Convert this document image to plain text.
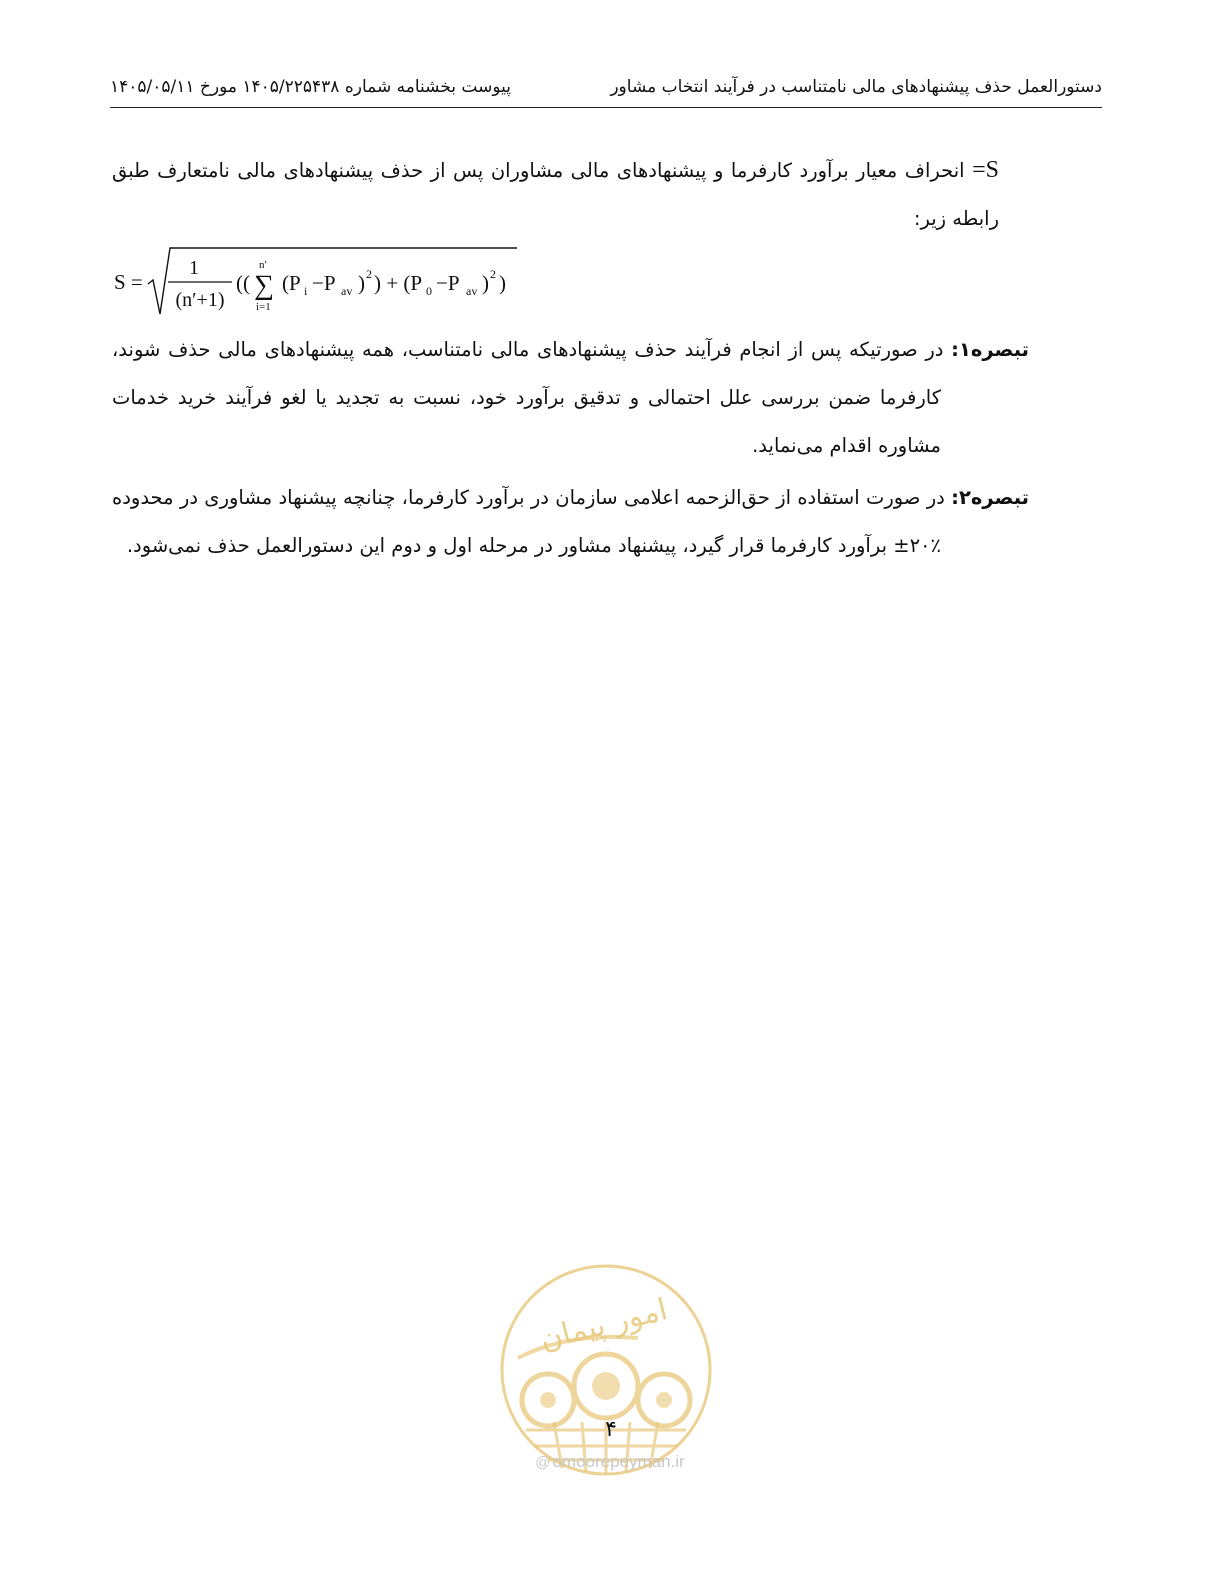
دستورالعمل حذف پیشنهادهای مالی نامتناسب در فرآیند انتخاب مشاور
پیوست بخشنامه شماره ۱۴۰۵/۲۲۵۴۳۸ مورخ ۱۴۰۵/۰۵/۱۱
S= انحراف معیار برآورد کارفرما و پیشنهادهای مالی مشاوران پس از حذف پیشنهادهای مالی نامتعارف طبق رابطه زیر:
S =
1
(n′+1)
((
n′
∑
i=1
(P i −P av ) 2 ) + (P 0 −P av ) 2 )
تبصره۱: در صورتیکه پس از انجام فرآیند حذف پیشنهادهای مالی نامتناسب، همه پیشنهادهای مالی حذف شوند، کارفرما ضمن بررسی علل احتمالی و تدقیق برآورد خود، نسبت به تجدید یا لغو فرآیند خرید خدمات مشاوره اقدام می‌نماید.
تبصره۲: در صورت استفاده از حق‌الزحمه اعلامی سازمان در برآورد کارفرما، چنانچه پیشنهاد مشاوری در محدوده ٪۲۰± برآورد کارفرما قرار گیرد، پیشنهاد مشاور در مرحله اول و دوم این دستورالعمل حذف نمی‌شود.
امور پیمان
۴
@ omoorepeyman.ir
